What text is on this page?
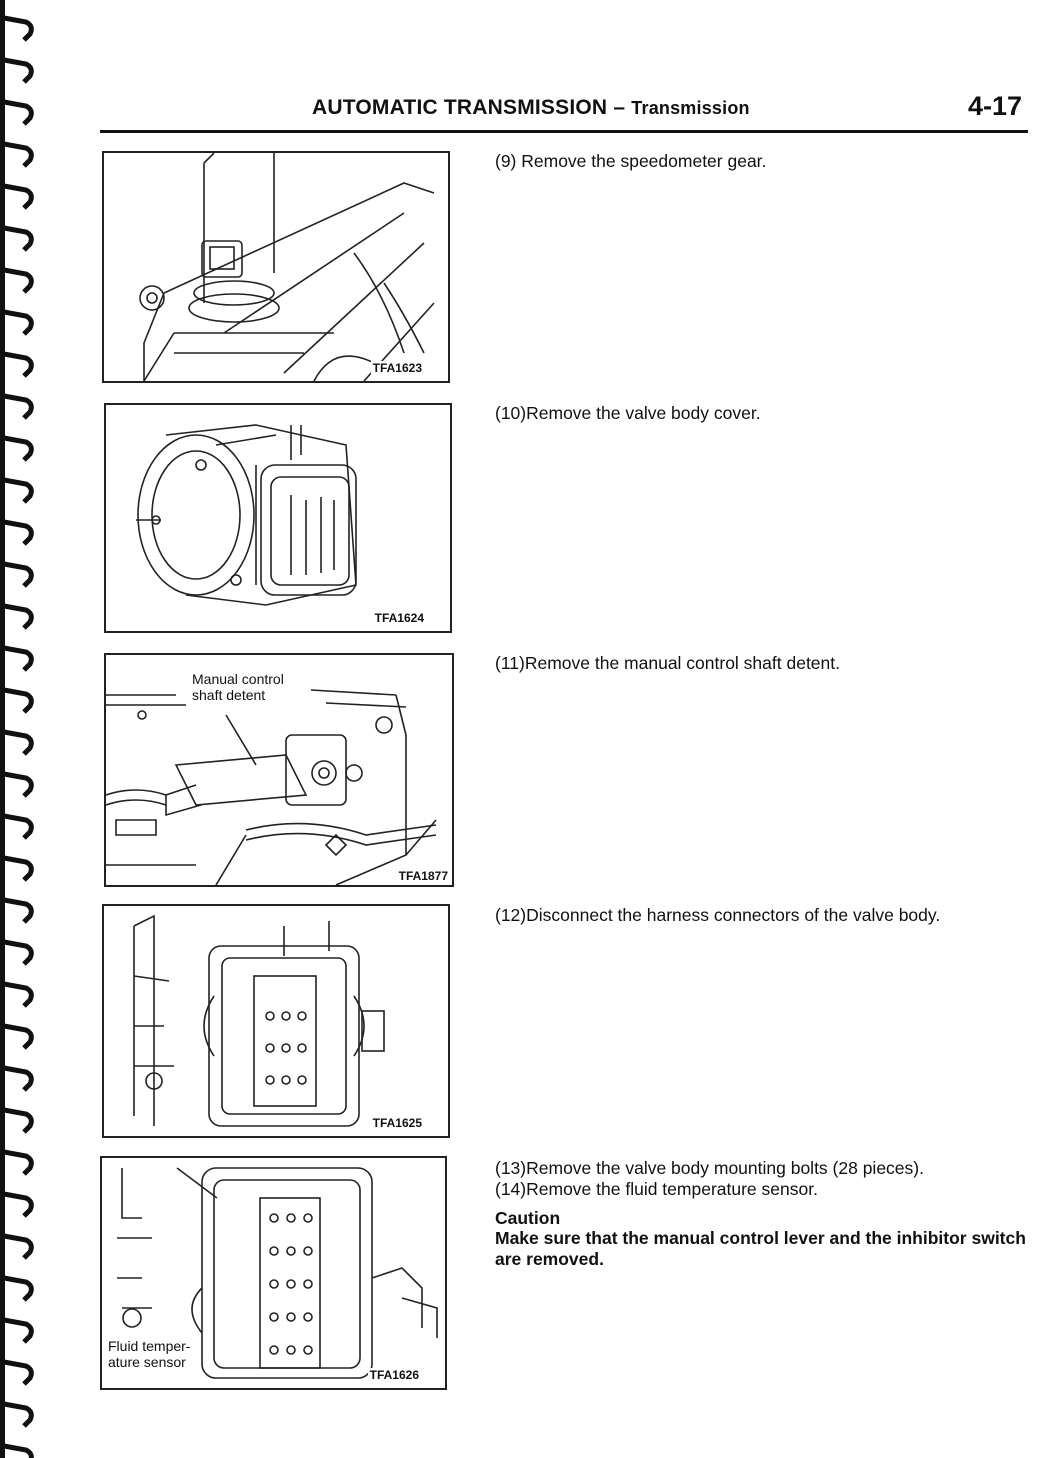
AUTOMATIC TRANSMISSION – Transmission	4-17
TFA1623
TFA1624
Manual control
shaft detent
TFA1877
TFA1625
Fluid temper-
ature sensor
TFA1626
(9) Remove the speedometer gear.
(10)Remove the valve body cover.
(11)Remove the manual control shaft detent.
(12)Disconnect the harness connectors of the valve body.
(13)Remove the valve body mounting bolts (28 pieces).
(14)Remove the fluid temperature sensor.
Caution
Make sure that the manual control lever and the inhibitor switch are removed.
